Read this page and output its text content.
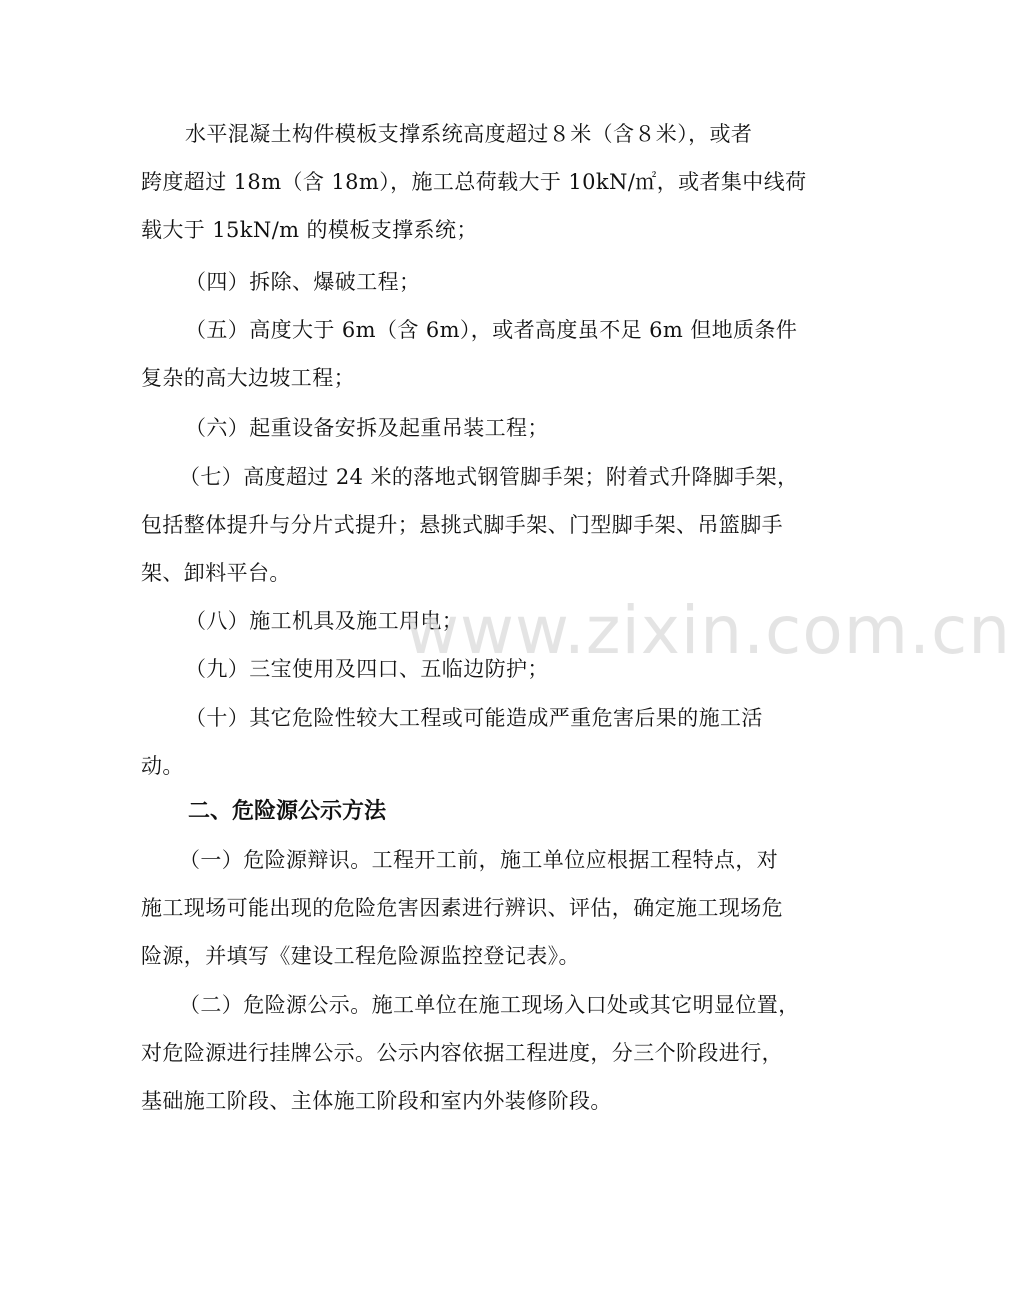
水平混凝土构件模板支撑系统高度超过８米（含８米），或者
跨度超过 18m（含 18m），施工总荷载大于 10kN/㎡，或者集中线荷
载大于 15kN/m 的模板支撑系统；

（四）拆除、爆破工程；

（五）高度大于 6m（含 6m），或者高度虽不足 6m 但地质条件
复杂的高大边坡工程；

（六）起重设备安拆及起重吊装工程；

（七）高度超过 24 米的落地式钢管脚手架；附着式升降脚手架，
包括整体提升与分片式提升；悬挑式脚手架、门型脚手架、吊篮脚手
架、卸料平台。

（八）施工机具及施工用电；

（九）三宝使用及四口、五临边防护；

（十）其它危险性较大工程或可能造成严重危害后果的施工活
动。

二、危险源公示方法

（一）危险源辩识。工程开工前，施工单位应根据工程特点，对
施工现场可能出现的危险危害因素进行辨识、评估，确定施工现场危
险源，并填写《建设工程危险源监控登记表》。

（二）危险源公示。施工单位在施工现场入口处或其它明显位置，
对危险源进行挂牌公示。公示内容依据工程进度，分三个阶段进行，
基础施工阶段、主体施工阶段和室内外装修阶段。

www.zixin.com.cn
